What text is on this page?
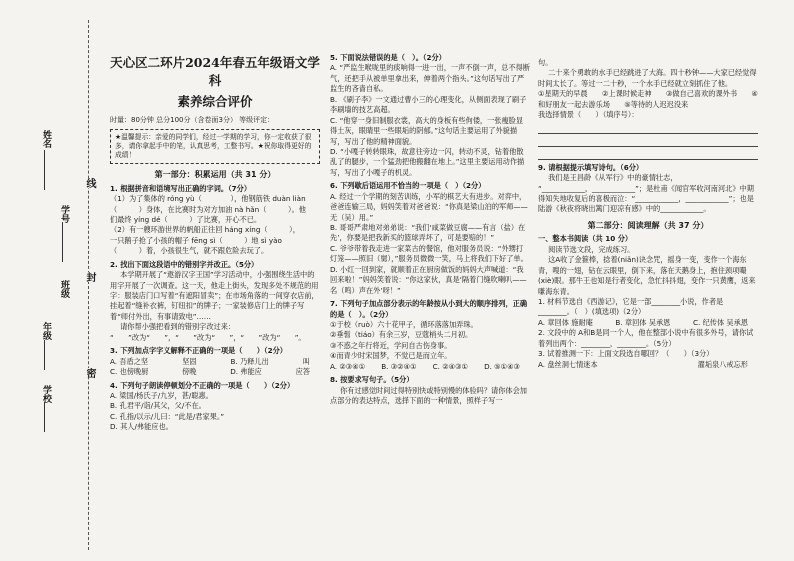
姓名
学号
班级
年级
学校
线
封
密
天心区二环片2024年春五年级语文学科
素养综合评价
时量：80分钟 总分100分（含卷面3分） 等级评定：
★温馨提示：亲爱的同学们，经过一学期的学习，你一定收获了很多，请你拿起手中的笔，认真思考，工整书写。★祝你取得更好的成绩！
第一部分：积累运用（共 31 分）
1. 根据拼音和语境写出正确的字词。（7分）
（1）为了集体的 róng yù（　　　　），他钢筋铁 duàn liàn
（　　　）身体，在比赛时为对方加油 nà hǎn（　　　）。他
们最终 yíng dé（　　　）了比赛，开心不已。
（2）有一艘环游世界的帆船正往回 háng xíng（　　　），
一只鹅子抢了小孩的帽子 fēng sì（　　　）地 sì yào
（　　　）着，小孩很生气，就不跟危险去玩了。
2. 找出下面这段语中的错别字并改正。（5分）
本学期开展了“遨游汉字王国”学习活动中，小强围绕生活中的用字开展了一次调查。这一天，他走上街头，发现多处不规范的用字：服装店门口写着“有遮阳冒卖”；在市场角落的一间穿衣店前，挂起着“缝补衣裤，钉纽扣”的牌子；一家装修店门上的牌子写着“师付外出，有事请致电”……
请你帮小强把看到的错别字改过来：
“　　”改为“　　”，“　　”改为“　　”，“　　”改为“　　”。
3. 下列加点字字义解释不正确的一项是（　　）（2分）
A. 吾盾之坚	坚固	B. 乃释儿出	叫
C. 也傍晚厨	傍晚	D. 弗能应	应答
4. 下列句子朗读停顿划分不正确的一项是（　　）（2分）
A. 梁国/杨氏子/九岁，甚/聪惠。
B. 孔君平/诣/其父，父/不在。
C. 孔指/以示/儿曰：“此是/君家果。”
D. 其人/弗能应也。
5. 下面说法错误的是（　）。（2分）
A. “严监生喉咙里的痰响得一进一出，一声不倒一声，总不得断气，还把手从被单里拿出来，伸着两个指头。”这句话写出了严监生的吝啬自私。
B. 《刷子李》一文通过曹小三的心理变化，从侧面表现了刷子李刷墙的技艺高超。
C. “他穿一身旧制服衣裳，高大的身板有些佝偻，一张瘦脸显得土灰，眼睛里一些眼垢的阴郁。”这句话主要运用了外貌描写，写出了他的精神面貌。
D. “小嘎子转转眼珠，故意往旁边一闪，转动不灵，钻着他散乱了的腿步，一个猛劲把他搬翻在地上。”这里主要运用动作描写，写出了小嘎子的机灵。
6. 下列歇后语运用不恰当的一项是（　）（2分）
A. 经过一个学期的刻苦训练，小军的棋艺大有进步。对弈中，爸爸连输三局，妈妈笑着对爸爸说：“你真是梁山泊的军师——无（吴）用。”
B. 哥哥严肃地对弟弟说：“我们‘咸菜做豆腐——有言（盐）在先’，你要是把我新买的篮球弄坏了，可是要赔的！”
C. 爷爷带着我走进一家菜古的餐馆，他对服务员说：“外甥打灯笼——照旧（舅），”服务员微微一笑，马上将我们下好了单。
D. 小红一回到家，就顺着正在厨房做饭的妈妈大声喊道：“我回来啦！”妈妈笑着说：“你这家伙，真是‘隔着门缝吹喇叭——名（鸣）声在外’呀！”
7. 下列句子加点部分表示的年龄按从小到大的顺序排列，正确的是（　）。（2分）
①于校（ruò）六十花甲子，循环落落加弄珠。
②垂髫（tiáo）有余三岁，豆蔻梢头二月初。
③不惑之年行将近，学问自古伤身事。
④而青少时宋国梦，不觉已是而立年。
A. ②③④① B. ③②④① C. ②④③① D. ⑤①④③
8. 按要求写句子。（5分）
你有过感觉时间过得特别快或特别慢的体验吗？请你体会加点部分的表达特点，选择下面的一种情景，照样子写一
句。
二十来个勇敢的水手已经跳进了大海。四十秒钟——大家已经觉得时间太长了。等过一二十秒，一个水手已经就立刻抓住了他。
①星期天的早晨　　②上课时候走神　　③做自己喜欢的课外书　　④和好朋友一起去游乐场　　⑤等待的人迟迟没来
我选择情景（　　）（填序号）：
9. 请根据提示填写诗句。（6分）
我们是王昌龄《从军行》中的豪情壮志，
“____________，____________”；是杜甫《闻官军收河南河北》中期得知失地收复后的喜极而泣：“____________，____________”；也是陆游《秋夜将晓出篱门迎凉有感》中的____________。
第二部分：阅读理解（共 37 分）
一、整本书阅读（共 10 分）
阅读节选文段，完成练习。
这A收了金箍棒，捻着(niǎn)诀念咒，摇身一变，变作一个海东青，嗖的一翅，钻在云眼里，倒下来，落在天鹅身上，抱住颈项嘬(xiè)眼。那牛王也知是行者变化，急忙抖抖翅，变作一只黄鹰，返来嗛海东青。
1. 材料节选自《西游记》，它是一部________小说，作者是________。（　）(填选项)（2分）
A. 章回体 施耐庵	B. 章回体 吴承恩	C. 纪传体 吴承恩
2. 文段中的 A和B是同一个人，他在整部小说中有很多外号，请你试着列出两个：________，________。（5分）
3. 试着推测一下：上面文段选自哪回？（　　）（3分）
A. 盘丝洞七情迷本	濯垢泉八戒忘形
